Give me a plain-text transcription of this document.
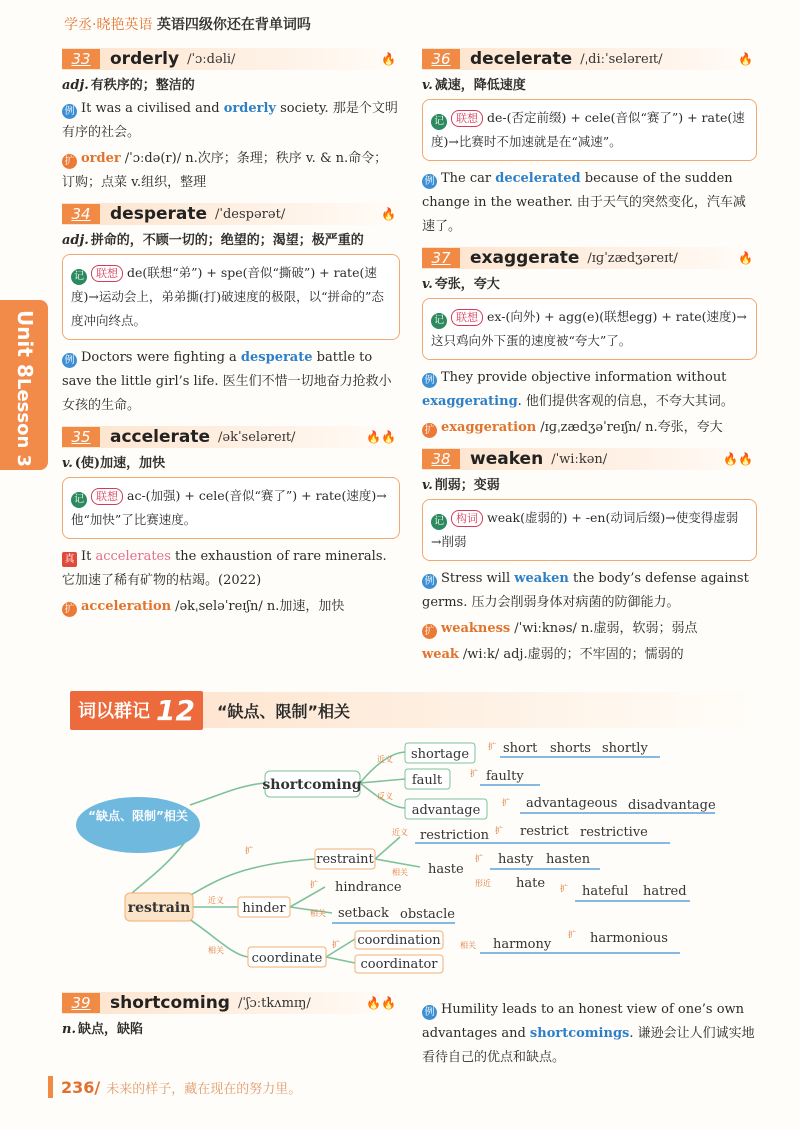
学丞·晓艳英语 英语四级你还在背单词吗
Unit 8
Lesson 3
33	orderly /ˈɔːdəli/	🔥
adj. 有秩序的；整洁的
例 It was a civilised and orderly society. 那是个文明有序的社会。
扩 order /ˈɔːdə(r)/ n.次序；条理；秩序 v. & n.命令；订购；点菜 v.组织，整理
34	desperate /ˈdespərət/	🔥
adj. 拼命的，不顾一切的；绝望的；渴望；极严重的
记 联想 de(联想“弟”) + spe(音似“撕破”) + rate(速度)→运动会上，弟弟撕(打)破速度的极限，以“拼命的”态度冲向终点。
例 Doctors were fighting a desperate battle to save the little girl’s life. 医生们不惜一切地奋力抢救小女孩的生命。
35	accelerate /əkˈseləreɪt/	🔥🔥
v. (使)加速，加快
记 联想 ac-(加强) + cele(音似“赛了”) + rate(速度)→他“加快”了比赛速度。
真 It accelerates the exhaustion of rare minerals. 它加速了稀有矿物的枯竭。(2022)
扩 acceleration /əkˌseləˈreɪʃn/ n.加速，加快
36	decelerate /ˌdiːˈseləreɪt/	🔥
v. 减速，降低速度
记 联想 de-(否定前缀) + cele(音似“赛了”) + rate(速度)→比赛时不加速就是在“减速”。
例 The car decelerated because of the sudden change in the weather. 由于天气的突然变化，汽车减速了。
37	exaggerate /ɪɡˈzædʒəreɪt/	🔥
v. 夸张，夸大
记 联想 ex-(向外) + agg(e)(联想egg) + rate(速度)→这只鸡向外下蛋的速度被“夸大”了。
例 They provide objective information without exaggerating. 他们提供客观的信息，不夸大其词。
扩 exaggeration /ɪɡˌzædʒəˈreɪʃn/ n.夸张，夸大
38	weaken /ˈwiːkən/	🔥🔥
v. 削弱；变弱
记 构词 weak(虚弱的) + -en(动词后缀)→使变得虚弱→削弱
例 Stress will weaken the body’s defense against germs. 压力会削弱身体对病菌的防御能力。
扩 weakness /ˈwiːknəs/ n.虚弱，软弱；弱点
weak /wiːk/ adj.虚弱的；不牢固的；懦弱的
词以群记 12 “缺点、限制”相关
“缺点、限制”相关
shortcoming
近义
反义
shortage
扩 short shorts shortly
fault	扩 faulty
advantage
扩 advantageous disadvantage
restrain
restraint
扩
近义 restriction 扩 restrict restrictive
相关 haste
扩 hasty hasten
形近 hate 扩 hateful hatred
近义
hinder
扩 hindrance
相关 setback obstacle
相关
coordinate
扩 coordination
coordinator
相关 harmony
扩 harmonious
39	shortcoming /ˈʃɔːtkʌmɪŋ/	🔥🔥
n. 缺点，缺陷
例 Humility leads to an honest view of one’s own advantages and shortcomings. 谦逊会让人们诚实地看待自己的优点和缺点。
236/ 未来的样子，藏在现在的努力里。
